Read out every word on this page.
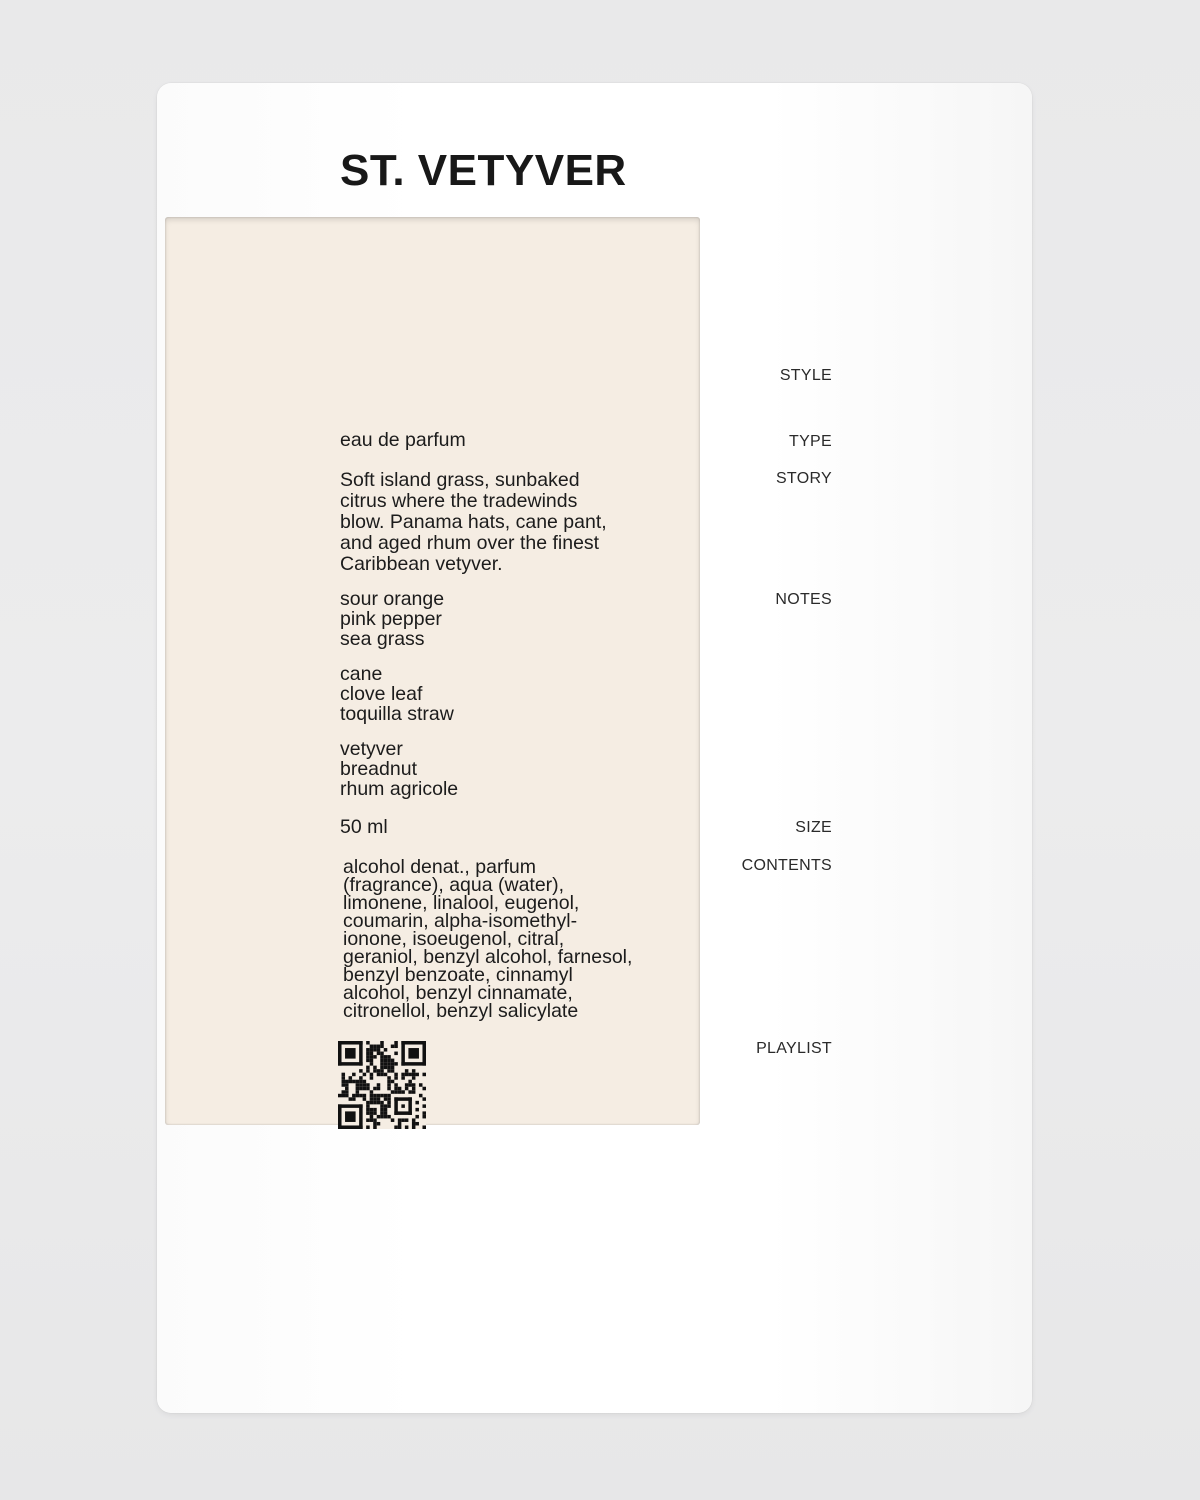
STYLE
ST. VETYVER
TYPE
eau de parfum
STORY
Soft island grass, sunbaked
citrus where the tradewinds
blow. Panama hats, cane pant,
and aged rhum over the finest
Caribbean vetyver.
NOTES
sour orange
pink pepper
sea grass
cane
clove leaf
toquilla straw
vetyver
breadnut
rhum agricole
SIZE
50 ml
CONTENTS
alcohol denat., parfum
(fragrance), aqua (water),
limonene, linalool, eugenol,
coumarin, alpha-isomethyl-
ionone, isoeugenol, citral,
geraniol, benzyl alcohol, farnesol,
benzyl benzoate, cinnamyl
alcohol, benzyl cinnamate,
citronellol, benzyl salicylate
PLAYLIST
